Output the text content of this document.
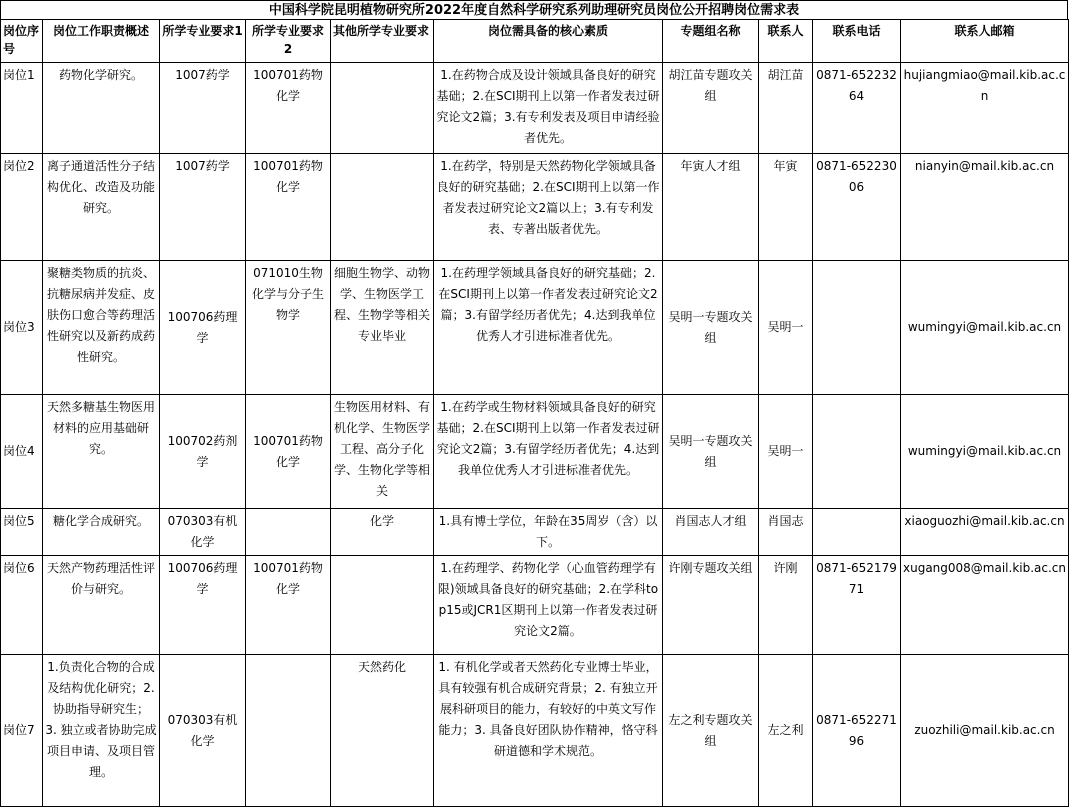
中国科学院昆明植物研究所2022年度自然科学研究系列助理研究员岗位公开招聘岗位需求表
岗位序号	岗位工作职责概述	所学专业要求1	所学专业要求2	其他所学专业要求	岗位需具备的核心素质	专题组名称	联系人	联系电话	联系人邮箱
岗位1	药物化学研究。	1007药学	100701药物化学		1.在药物合成及设计领域具备良好的研究基础；2.在SCI期刊上以第一作者发表过研究论文2篇；3.有专利发表及项目申请经验者优先。	胡江苗专题攻关组	胡江苗	0871-65223264	hujiangmiao@mail.kib.ac.cn
岗位2	离子通道活性分子结构优化、改造及功能研究。	1007药学	100701药物化学		1.在药学，特别是天然药物化学领域具备良好的研究基础；2.在SCI期刊上以第一作者发表过研究论文2篇以上；3.有专利发表、专著出版者优先。	年寅人才组	年寅	0871-65223006	nianyin@mail.kib.ac.cn
岗位3	聚糖类物质的抗炎、抗糖尿病并发症、皮肤伤口愈合等药理活性研究以及新药成药性研究。	100706药理学	071010生物化学与分子生物学	细胞生物学、动物学、生物医学工程、生物学等相关专业毕业	1.在药理学领域具备良好的研究基础；2.在SCI期刊上以第一作者发表过研究论文2篇；3.有留学经历者优先；4.达到我单位优秀人才引进标准者优先。	吴明一专题攻关组	吴明一		wumingyi@mail.kib.ac.cn
岗位4	天然多糖基生物医用材料的应用基础研究。	100702药剂学	100701药物化学	生物医用材料、有机化学、生物医学工程、高分子化学、生物化学等相关	1.在药学或生物材料领域具备良好的研究基础；2.在SCI期刊上以第一作者发表过研究论文2篇；3.有留学经历者优先；4.达到我单位优秀人才引进标准者优先。	吴明一专题攻关组	吴明一		wumingyi@mail.kib.ac.cn
岗位5	糖化学合成研究。	070303有机化学		化学	1.具有博士学位，年龄在35周岁（含）以下。	肖国志人才组	肖国志		xiaoguozhi@mail.kib.ac.cn
岗位6	天然产物药理活性评价与研究。	100706药理学	100701药物化学		1.在药理学、药物化学（心血管药理学有限)领域具备良好的研究基础；2.在学科top15或JCR1区期刊上以第一作者发表过研究论文2篇。	许刚专题攻关组	许刚	0871-65217971	xugang008@mail.kib.ac.cn
岗位7	1.负责化合物的合成及结构优化研究；2.协助指导研究生；
3. 独立或者协助完成项目申请、及项目管理。	070303有机化学		天然药化	1. 有机化学或者天然药化专业博士毕业，具有较强有机合成研究背景；2. 有独立开展科研项目的能力，有较好的中英文写作能力；3. 具备良好团队协作精神，恪守科研道德和学术规范。	左之利专题攻关组	左之利	0871-65227196	zuozhili@mail.kib.ac.cn
